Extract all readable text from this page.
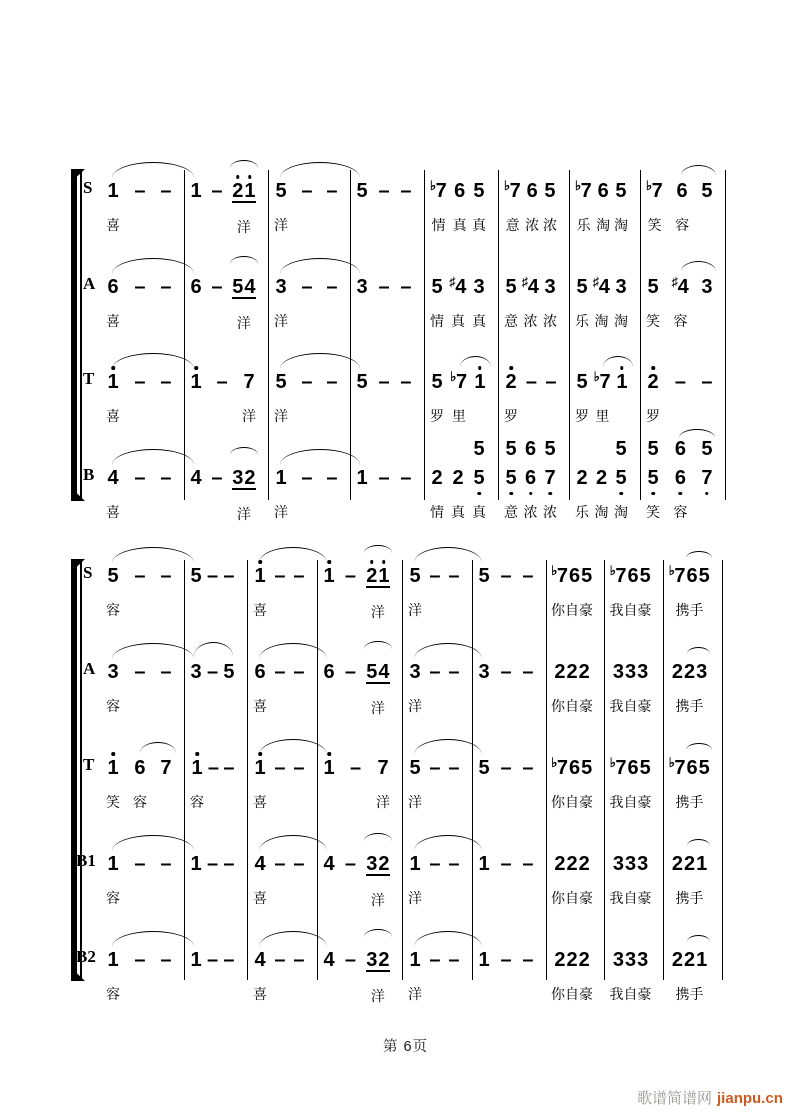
S 1
喜
– – 1 – 2 1
洋
5
洋
– – 5 – – ♭ 7
情
6
真
5
真
♭ 7
意
6
浓
5
浓
♭ 7
乐
6
淘
5
淘
♭ 7
笑
6
容
5
A 6
喜
– – 6 – 5 4
洋
3
洋
– – 3 – – 5
情
♯ 4
真
3
真
5
意
♯ 4
浓
3
浓
5
乐
♯ 4
淘
3
淘
5
笑
♯ 4
容
3
T 1
喜
– – 1 – 7
洋
5
洋
– – 5 – – 5
罗
♭ 7
里
1 2
罗
– – 5
罗
♭ 7
里
1 2
罗
– –
B 4
喜
– – 4 – 3 2
洋
1
洋
– – 1 – – 2
情
2
真
5
5
真
5
5
意
6
6
浓
7
5
浓
2
乐
2
淘
5
5
淘
5
5
笑
6
6
容
7
5
S 5
容
– – 5 – – 1
喜
– – 1 – 2 1
洋
5
洋
– – 5 – – ♭ 7 6 5
你自豪
♭ 7 6 5
我自豪
♭ 7 6 5
携手
A 3
容
– – 3 – 5 6
喜
– – 6 – 5 4
洋
3
洋
– – 3 – – 2 2 2
你自豪
3 3 3
我自豪
2 2 3
携手
T 1
笑
6
容
7 1
容
– – 1
喜
– – 1 – 7
洋
5
洋
– – 5 – – ♭ 7 6 5
你自豪
♭ 7 6 5
我自豪
♭ 7 6 5
携手
B1 1
容
– – 1 – – 4
喜
– – 4 – 3 2
洋
1
洋
– – 1 – – 2 2 2
你自豪
3 3 3
我自豪
2 2 1
携手
B2 1
容
– – 1 – – 4
喜
– – 4 – 3 2
洋
1
洋
– – 1 – – 2 2 2
你自豪
3 3 3
我自豪
2 2 1
携手
第 6页
歌谱简谱网 jianpu.cn
